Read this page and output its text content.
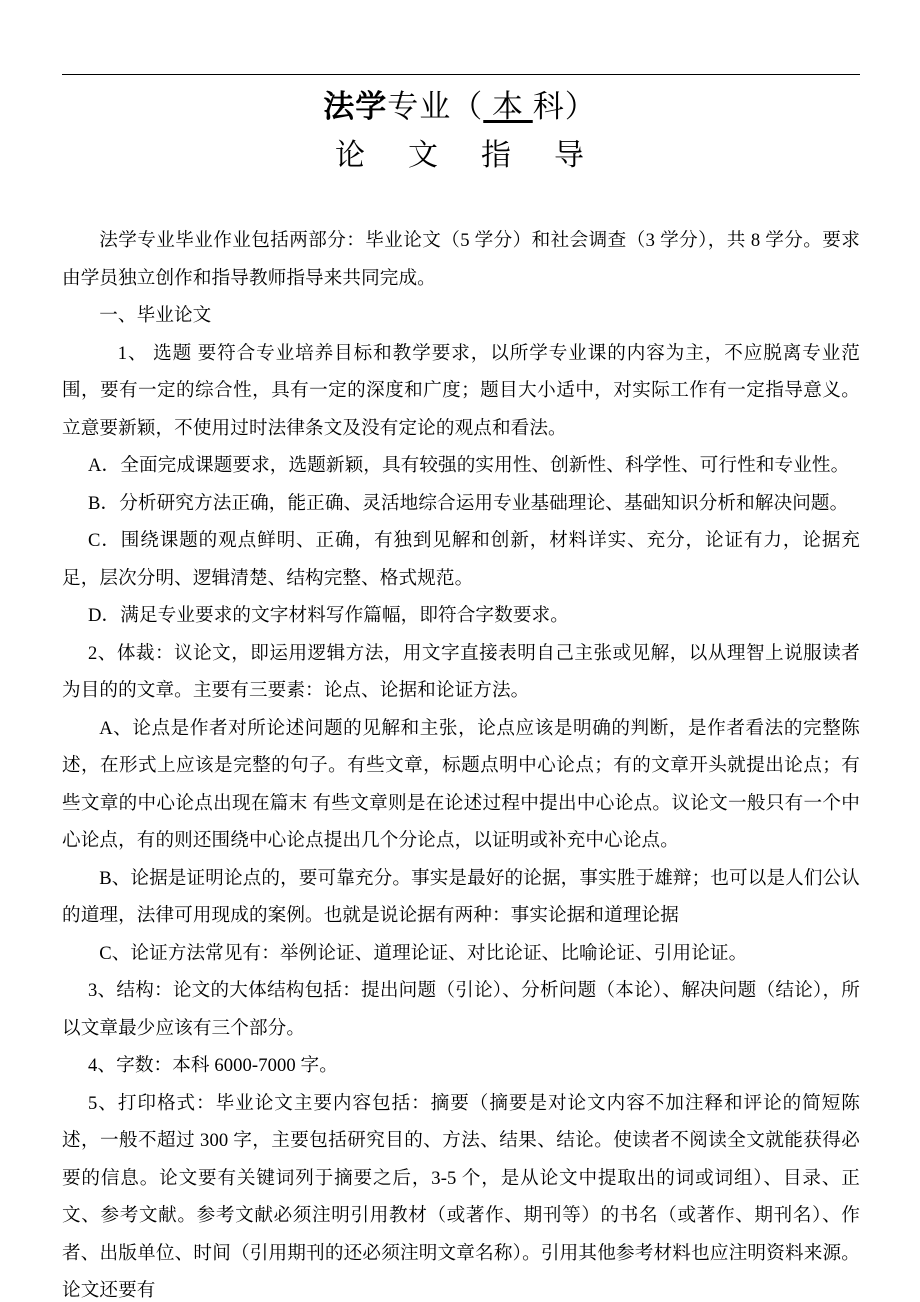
法学专业（ 本 科）
论 文 指 导

法学专业毕业作业包括两部分：毕业论文（5 学分）和社会调查（3 学分），共 8 学分。要求由学员独立创作和指导教师指导来共同完成。

一、毕业论文

1、 选题 要符合专业培养目标和教学要求，以所学专业课的内容为主，不应脱离专业范围，要有一定的综合性，具有一定的深度和广度；题目大小适中，对实际工作有一定指导意义。立意要新颖，不使用过时法律条文及没有定论的观点和看法。

A．全面完成课题要求，选题新颖，具有较强的实用性、创新性、科学性、可行性和专业性。

B．分析研究方法正确，能正确、灵活地综合运用专业基础理论、基础知识分析和解决问题。

C．围绕课题的观点鲜明、正确，有独到见解和创新，材料详实、充分，论证有力，论据充足，层次分明、逻辑清楚、结构完整、格式规范。

D．满足专业要求的文字材料写作篇幅，即符合字数要求。

2、体裁：议论文，即运用逻辑方法，用文字直接表明自己主张或见解，以从理智上说服读者为目的的文章。主要有三要素：论点、论据和论证方法。

A、论点是作者对所论述问题的见解和主张，论点应该是明确的判断，是作者看法的完整陈述，在形式上应该是完整的句子。有些文章，标题点明中心论点；有的文章开头就提出论点；有些文章的中心论点出现在篇末 有些文章则是在论述过程中提出中心论点。议论文一般只有一个中心论点，有的则还围绕中心论点提出几个分论点，以证明或补充中心论点。

B、论据是证明论点的，要可靠充分。事实是最好的论据，事实胜于雄辩；也可以是人们公认的道理，法律可用现成的案例。也就是说论据有两种：事实论据和道理论据

C、论证方法常见有：举例论证、道理论证、对比论证、比喻论证、引用论证。

3、结构：论文的大体结构包括：提出问题（引论）、分析问题（本论）、解决问题（结论），所以文章最少应该有三个部分。

4、字数：本科 6000-7000 字。

5、打印格式：毕业论文主要内容包括：摘要（摘要是对论文内容不加注释和评论的简短陈述，一般不超过 300 字，主要包括研究目的、方法、结果、结论。使读者不阅读全文就能获得必要的信息。论文要有关键词列于摘要之后，3-5 个，是从论文中提取出的词或词组）、目录、正文、参考文献。参考文献必须注明引用教材（或著作、期刊等）的书名（或著作、期刊名）、作者、出版单位、时间（引用期刊的还必须注明文章名称）。引用其他参考材料也应注明资料来源。论文还要有
